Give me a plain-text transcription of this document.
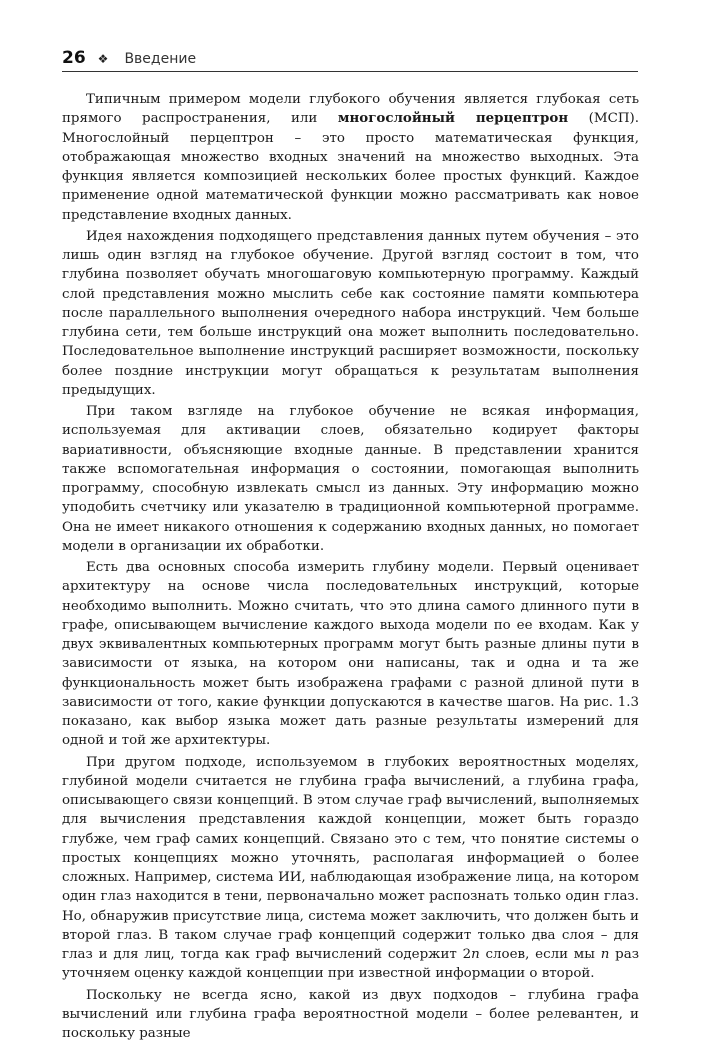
26 ❖ Введение

Типичным примером модели глубокого обучения является глубокая сеть прямого распространения, или многослойный перцептрон (МСП). Многослойный перцептрон – это просто математическая функция, отображающая множество входных значений на множество выходных. Эта функция является композицией нескольких более простых функций. Каждое применение одной математической функции можно рассматривать как новое представление входных данных.

Идея нахождения подходящего представления данных путем обучения – это лишь один взгляд на глубокое обучение. Другой взгляд состоит в том, что глубина позволяет обучать многошаговую компьютерную программу. Каждый слой представления можно мыслить себе как состояние памяти компьютера после параллельного выполнения очередного набора инструкций. Чем больше глубина сети, тем больше инструкций она может выполнить последовательно. Последовательное выполнение инструкций расширяет возможности, поскольку более поздние инструкции могут обращаться к результатам выполнения предыдущих.

При таком взгляде на глубокое обучение не всякая информация, используемая для активации слоев, обязательно кодирует факторы вариативности, объясняющие входные данные. В представлении хранится также вспомогательная информация о состоянии, помогающая выполнить программу, способную извлекать смысл из данных. Эту информацию можно уподобить счетчику или указателю в традиционной компьютерной программе. Она не имеет никакого отношения к содержанию входных данных, но помогает модели в организации их обработки.

Есть два основных способа измерить глубину модели. Первый оценивает архитектуру на основе числа последовательных инструкций, которые необходимо выполнить. Можно считать, что это длина самого длинного пути в графе, описывающем вычисление каждого выхода модели по ее входам. Как у двух эквивалентных компьютерных программ могут быть разные длины пути в зависимости от языка, на котором они написаны, так и одна и та же функциональность может быть изображена графами с разной длиной пути в зависимости от того, какие функции допускаются в качестве шагов. На рис. 1.3 показано, как выбор языка может дать разные результаты измерений для одной и той же архитектуры.

При другом подходе, используемом в глубоких вероятностных моделях, глубиной модели считается не глубина графа вычислений, а глубина графа, описывающего связи концепций. В этом случае граф вычислений, выполняемых для вычисления представления каждой концепции, может быть гораздо глубже, чем граф самих концепций. Связано это с тем, что понятие системы о простых концепциях можно уточнять, располагая информацией о более сложных. Например, система ИИ, наблюдающая изображение лица, на котором один глаз находится в тени, первоначально может распознать только один глаз. Но, обнаружив присутствие лица, система может заключить, что должен быть и второй глаз. В таком случае граф концепций содержит только два слоя – для глаз и для лиц, тогда как граф вычислений содержит 2n слоев, если мы n раз уточняем оценку каждой концепции при известной информации о второй.

Поскольку не всегда ясно, какой из двух подходов – глубина графа вычислений или глубина графа вероятностной модели – более релевантен, и поскольку разные
